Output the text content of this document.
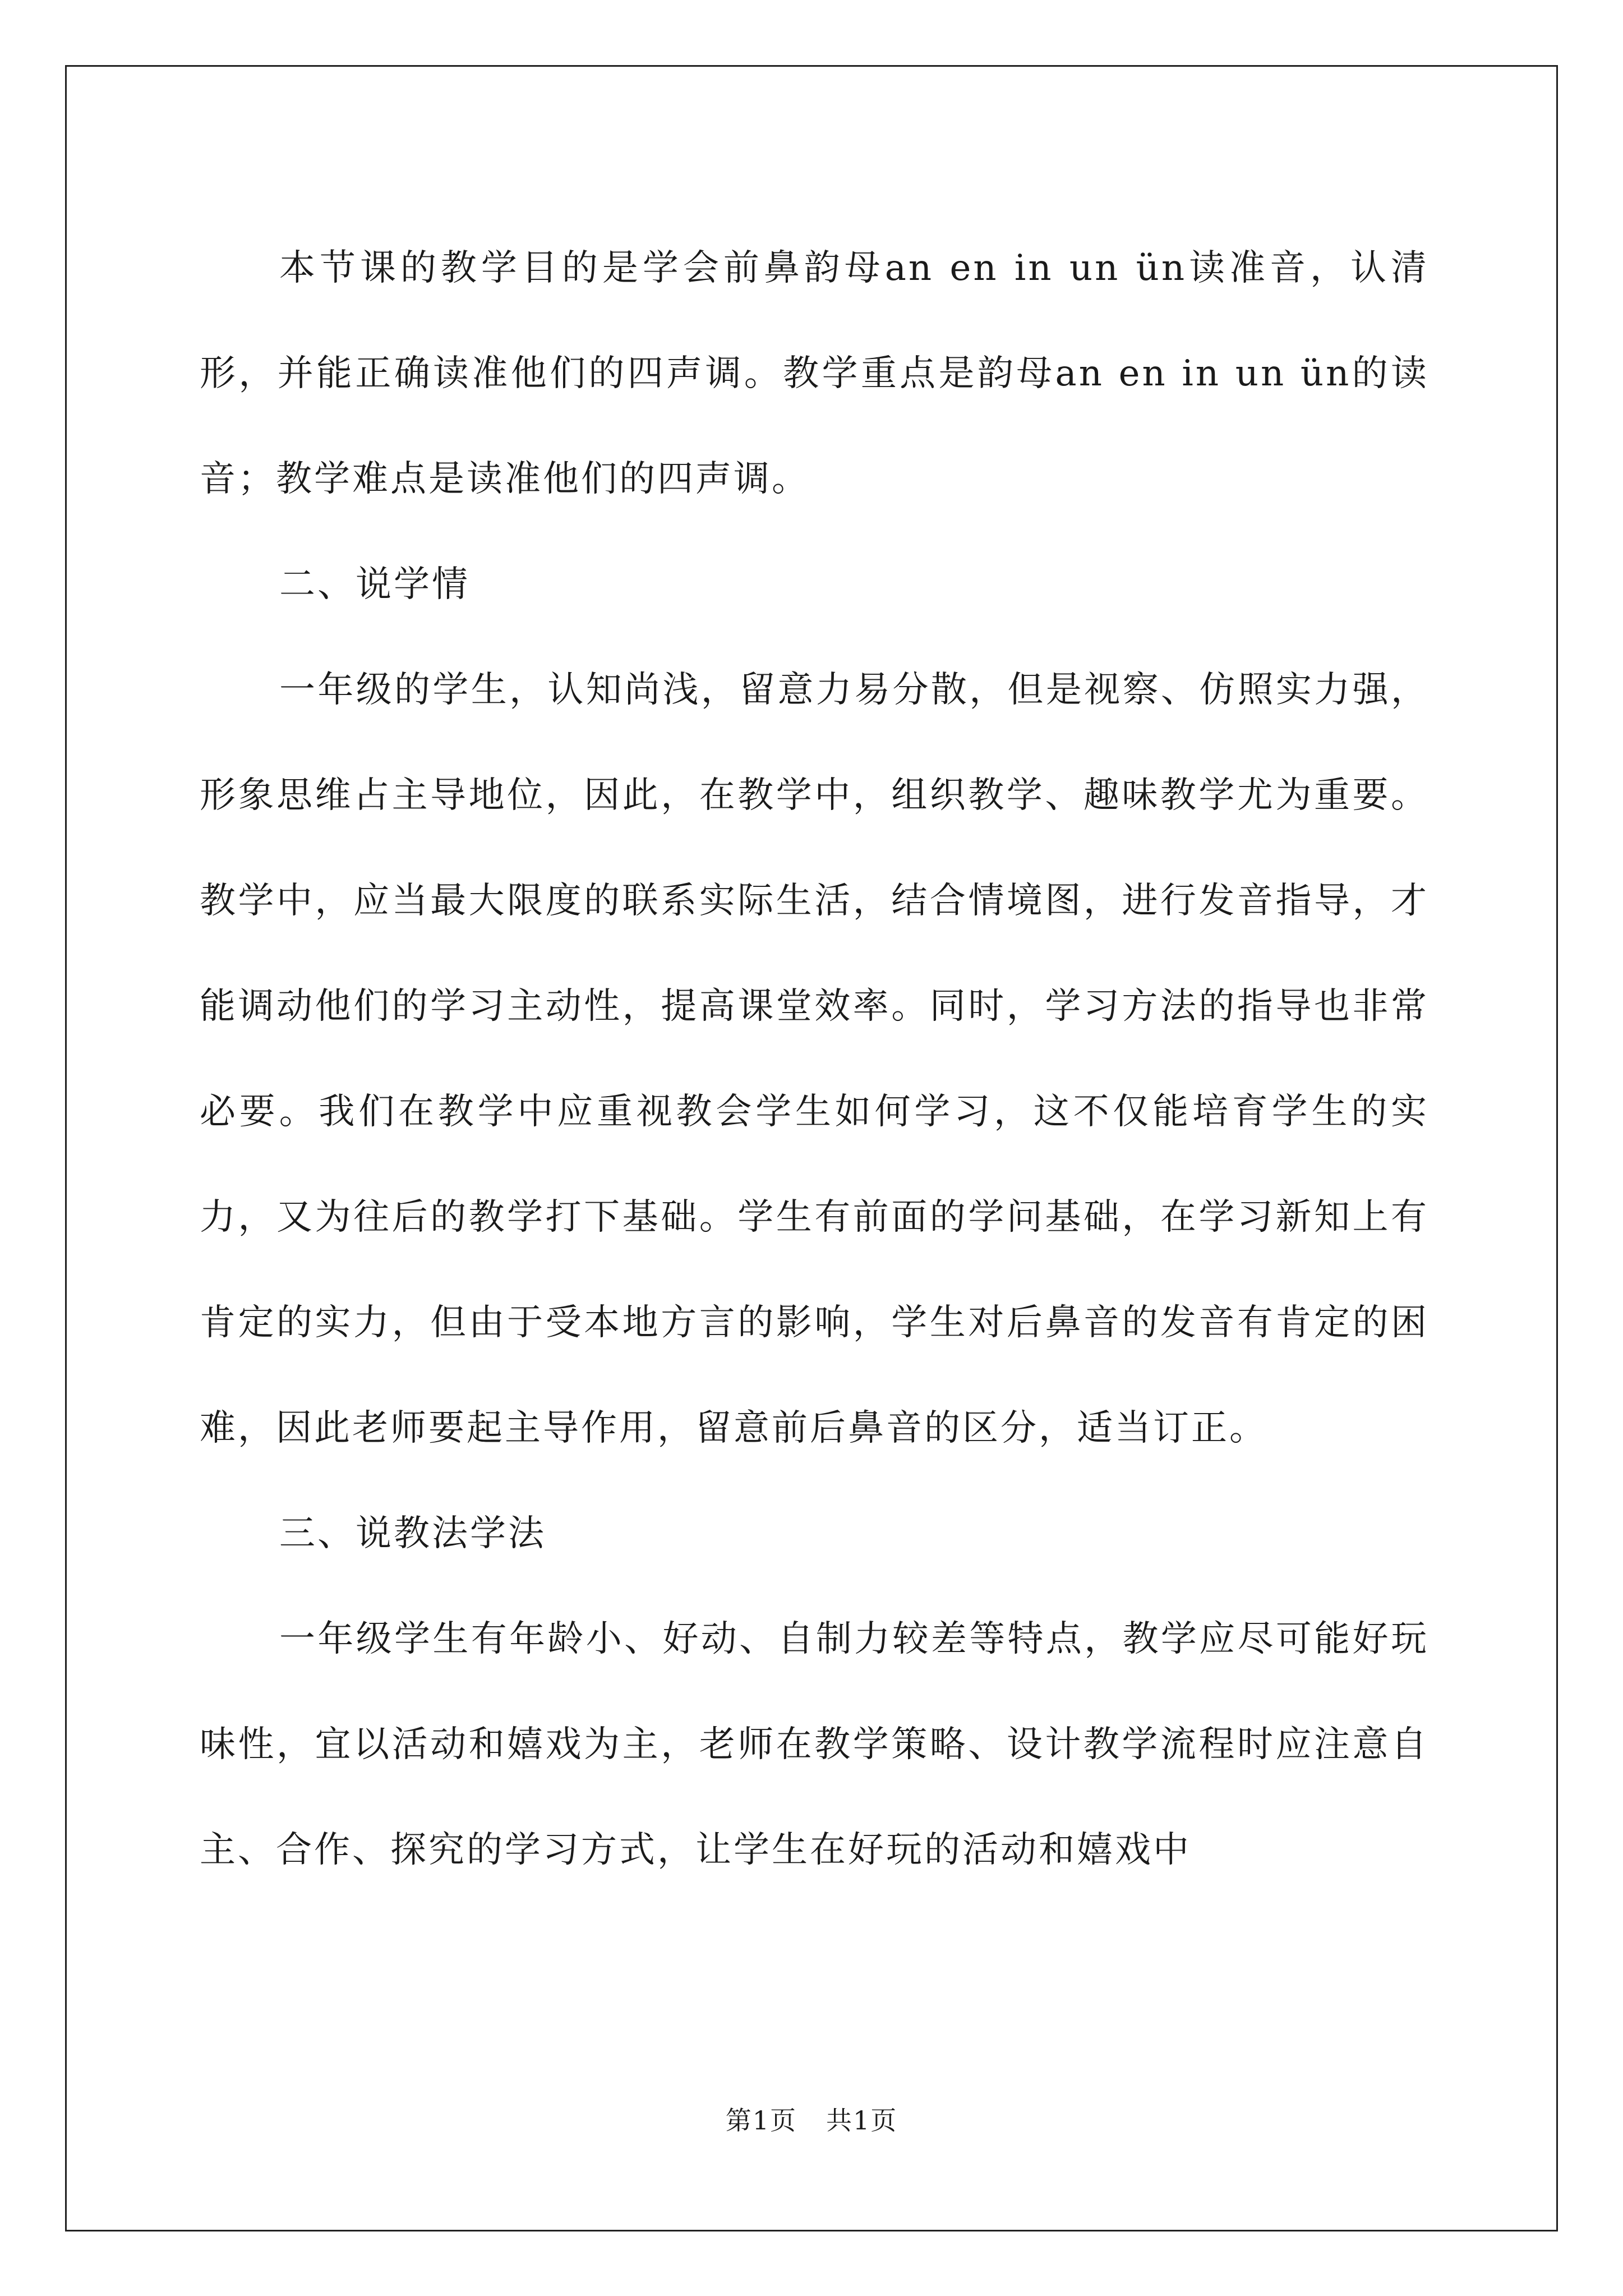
本节课的教学目的是学会前鼻韵母an en in un ün读准音，认清形，并能正确读准他们的四声调。教学重点是韵母an en in un ün的读音；教学难点是读准他们的四声调。

二、说学情

一年级的学生，认知尚浅，留意力易分散，但是视察、仿照实力强，形象思维占主导地位，因此，在教学中，组织教学、趣味教学尤为重要。教学中，应当最大限度的联系实际生活，结合情境图，进行发音指导，才能调动他们的学习主动性，提高课堂效率。同时，学习方法的指导也非常必要。我们在教学中应重视教会学生如何学习，这不仅能培育学生的实力，又为往后的教学打下基础。学生有前面的学问基础，在学习新知上有肯定的实力，但由于受本地方言的影响，学生对后鼻音的发音有肯定的困难，因此老师要起主导作用，留意前后鼻音的区分，适当订正。

三、说教法学法

一年级学生有年龄小、好动、自制力较差等特点，教学应尽可能好玩味性，宜以活动和嬉戏为主，老师在教学策略、设计教学流程时应注意自主、合作、探究的学习方式，让学生在好玩的活动和嬉戏中

第1页 共1页
